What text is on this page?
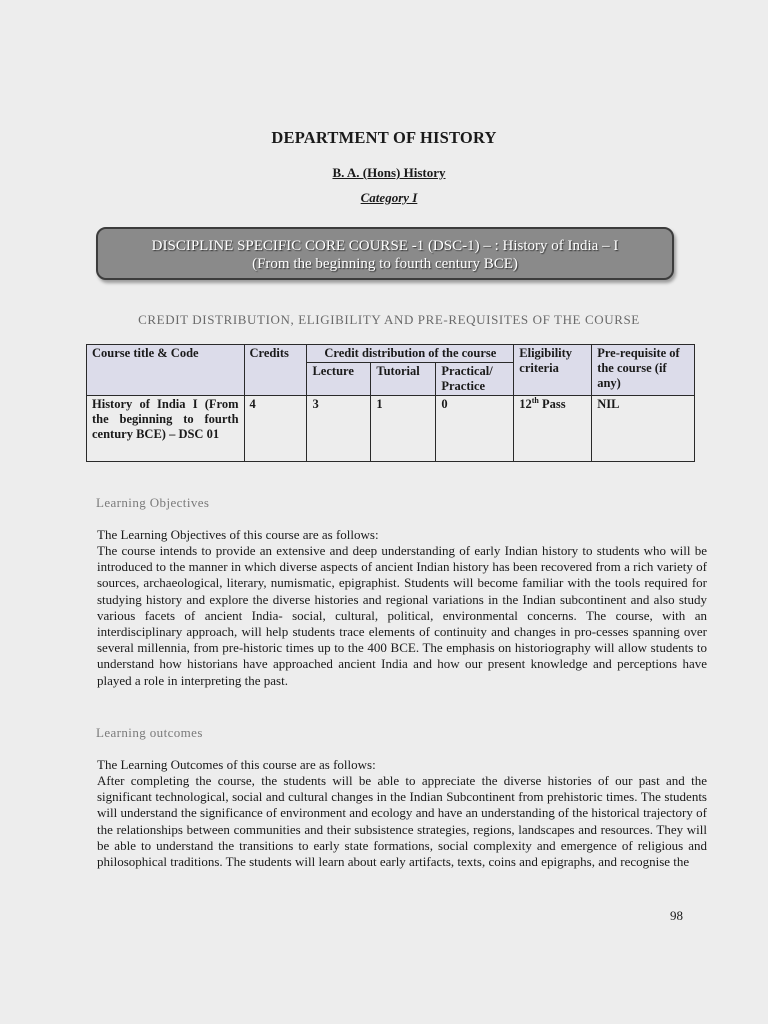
DEPARTMENT OF HISTORY
B. A. (Hons) History
Category I
DISCIPLINE SPECIFIC CORE COURSE -1 (DSC-1) – : History of India – I
(From the beginning to fourth century BCE)
CREDIT DISTRIBUTION, ELIGIBILITY AND PRE-REQUISITES OF THE COURSE
Course title & Code	Credits	Credit distribution of the course			Eligibility criteria	Pre-requisite of the course (if any)
		Lecture	Tutorial	Practical/ Practice		
History of India I (From the beginning to fourth century BCE) – DSC 01	4	3	1	0	12th Pass	NIL
Learning Objectives
The Learning Objectives of this course are as follows:
The course intends to provide an extensive and deep understanding of early Indian history to students who will be introduced to the manner in which diverse aspects of ancient Indian history has been recovered from a rich variety of sources, archaeological, literary, numismatic, epigraphist. Students will become familiar with the tools required for studying history and explore the diverse histories and regional variations in the Indian subcontinent and also study various facets of ancient India- social, cultural, political, environmental concerns. The course, with an interdisciplinary approach, will help students trace elements of continuity and changes in pro-cesses spanning over several millennia, from pre-historic times up to the 400 BCE. The emphasis on historiography will allow students to understand how historians have approached ancient India and how our present knowledge and perceptions have played a role in interpreting the past.
Learning outcomes
The Learning Outcomes of this course are as follows:
After completing the course, the students will be able to appreciate the diverse histories of our past and the significant technological, social and cultural changes in the Indian Subcontinent from prehistoric times. The students will understand the significance of environment and ecology and have an understanding of the historical trajectory of the relationships between communities and their subsistence strategies, regions, landscapes and resources. They will be able to understand the transitions to early state formations, social complexity and emergence of religious and philosophical traditions. The students will learn about early artifacts, texts, coins and epigraphs, and recognise the
98
